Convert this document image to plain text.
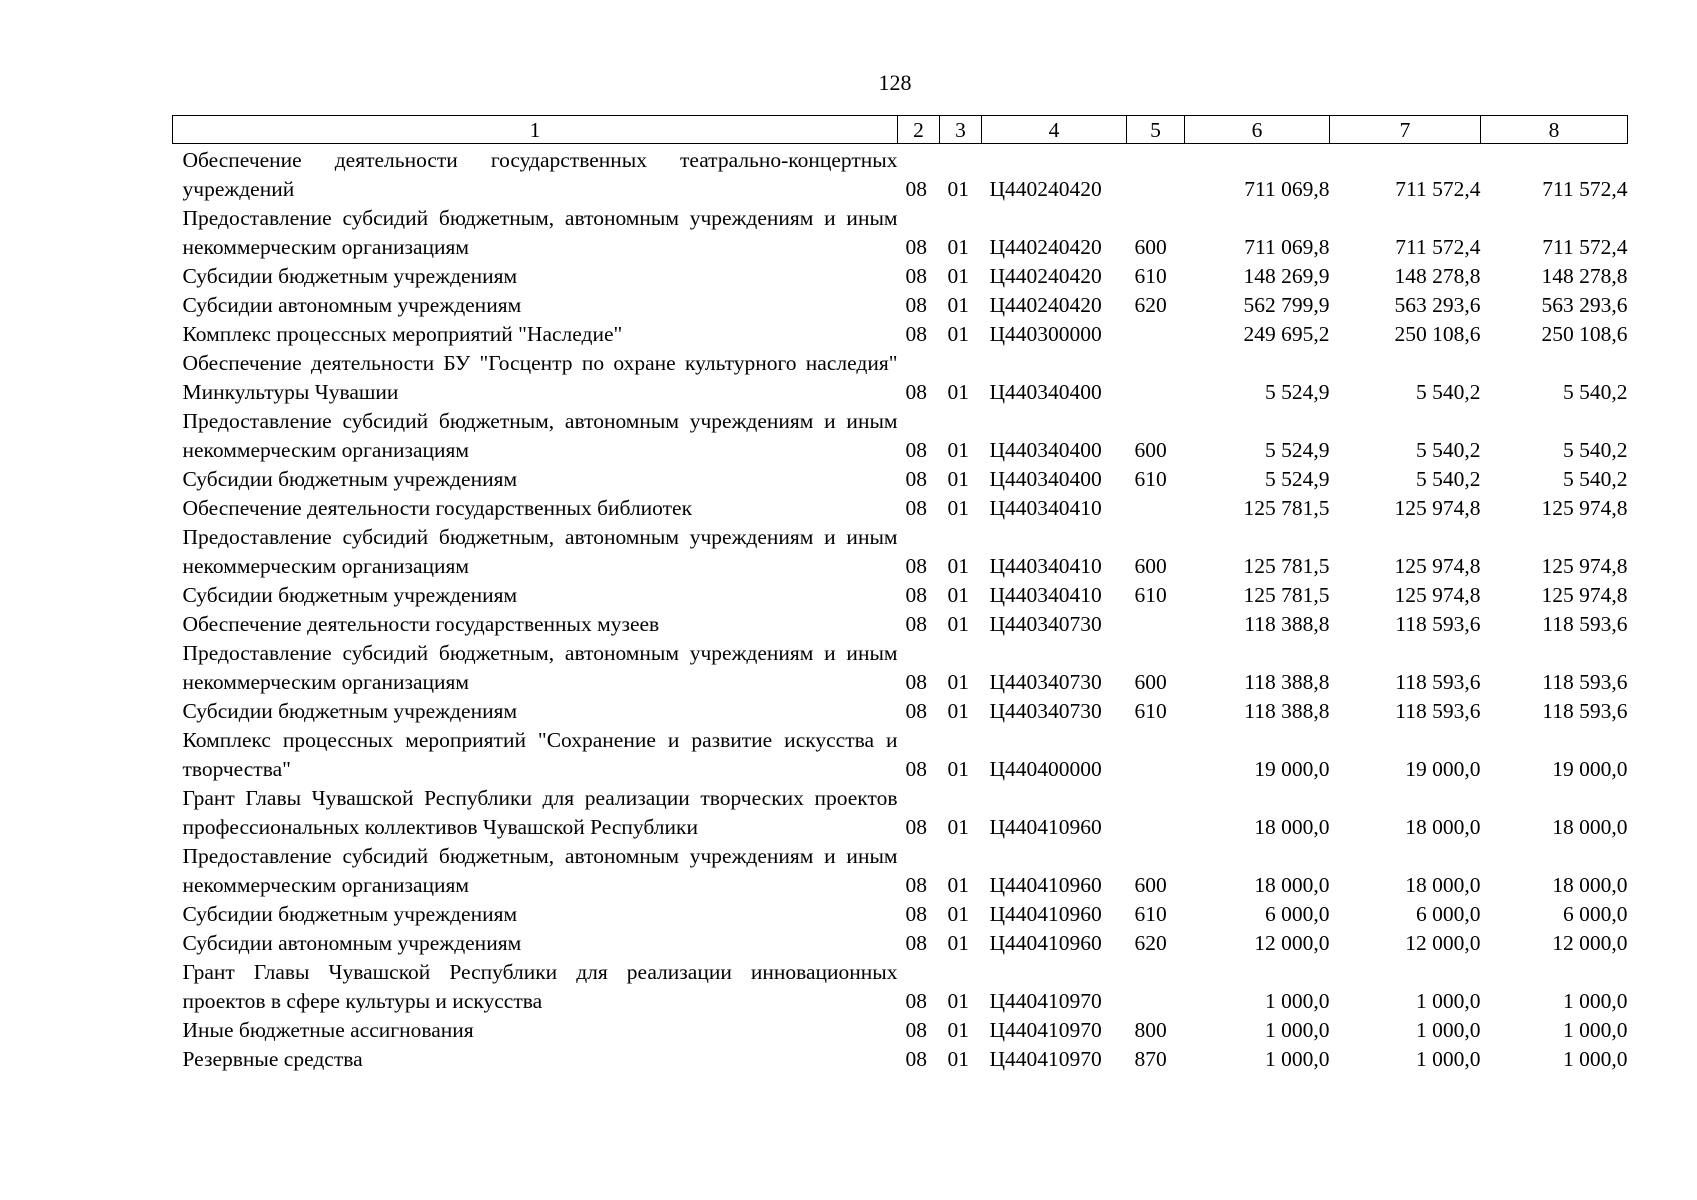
128
1	2	3	4	5	6	7	8
Обеспечение деятельности государственных театрально-концертных учреждений	08	01	Ц440240420		711 069,8	711 572,4	711 572,4
Предоставление субсидий бюджетным, автономным учреждениям и иным некоммерческим организациям	08	01	Ц440240420	600	711 069,8	711 572,4	711 572,4
Субсидии бюджетным учреждениям	08	01	Ц440240420	610	148 269,9	148 278,8	148 278,8
Субсидии автономным учреждениям	08	01	Ц440240420	620	562 799,9	563 293,6	563 293,6
Комплекс процессных мероприятий "Наследие"	08	01	Ц440300000		249 695,2	250 108,6	250 108,6
Обеспечение деятельности БУ "Госцентр по охране культурного наследия" Минкультуры Чувашии	08	01	Ц440340400		5 524,9	5 540,2	5 540,2
Предоставление субсидий бюджетным, автономным учреждениям и иным некоммерческим организациям	08	01	Ц440340400	600	5 524,9	5 540,2	5 540,2
Субсидии бюджетным учреждениям	08	01	Ц440340400	610	5 524,9	5 540,2	5 540,2
Обеспечение деятельности государственных библиотек	08	01	Ц440340410		125 781,5	125 974,8	125 974,8
Предоставление субсидий бюджетным, автономным учреждениям и иным некоммерческим организациям	08	01	Ц440340410	600	125 781,5	125 974,8	125 974,8
Субсидии бюджетным учреждениям	08	01	Ц440340410	610	125 781,5	125 974,8	125 974,8
Обеспечение деятельности государственных музеев	08	01	Ц440340730		118 388,8	118 593,6	118 593,6
Предоставление субсидий бюджетным, автономным учреждениям и иным некоммерческим организациям	08	01	Ц440340730	600	118 388,8	118 593,6	118 593,6
Субсидии бюджетным учреждениям	08	01	Ц440340730	610	118 388,8	118 593,6	118 593,6
Комплекс процессных мероприятий "Сохранение и развитие искусства и творчества"	08	01	Ц440400000		19 000,0	19 000,0	19 000,0
Грант Главы Чувашской Республики для реализации творческих проектов профессиональных коллективов Чувашской Республики	08	01	Ц440410960		18 000,0	18 000,0	18 000,0
Предоставление субсидий бюджетным, автономным учреждениям и иным некоммерческим организациям	08	01	Ц440410960	600	18 000,0	18 000,0	18 000,0
Субсидии бюджетным учреждениям	08	01	Ц440410960	610	6 000,0	6 000,0	6 000,0
Субсидии автономным учреждениям	08	01	Ц440410960	620	12 000,0	12 000,0	12 000,0
Грант Главы Чувашской Республики для реализации инновационных проектов в сфере культуры и искусства	08	01	Ц440410970		1 000,0	1 000,0	1 000,0
Иные бюджетные ассигнования	08	01	Ц440410970	800	1 000,0	1 000,0	1 000,0
Резервные средства	08	01	Ц440410970	870	1 000,0	1 000,0	1 000,0
